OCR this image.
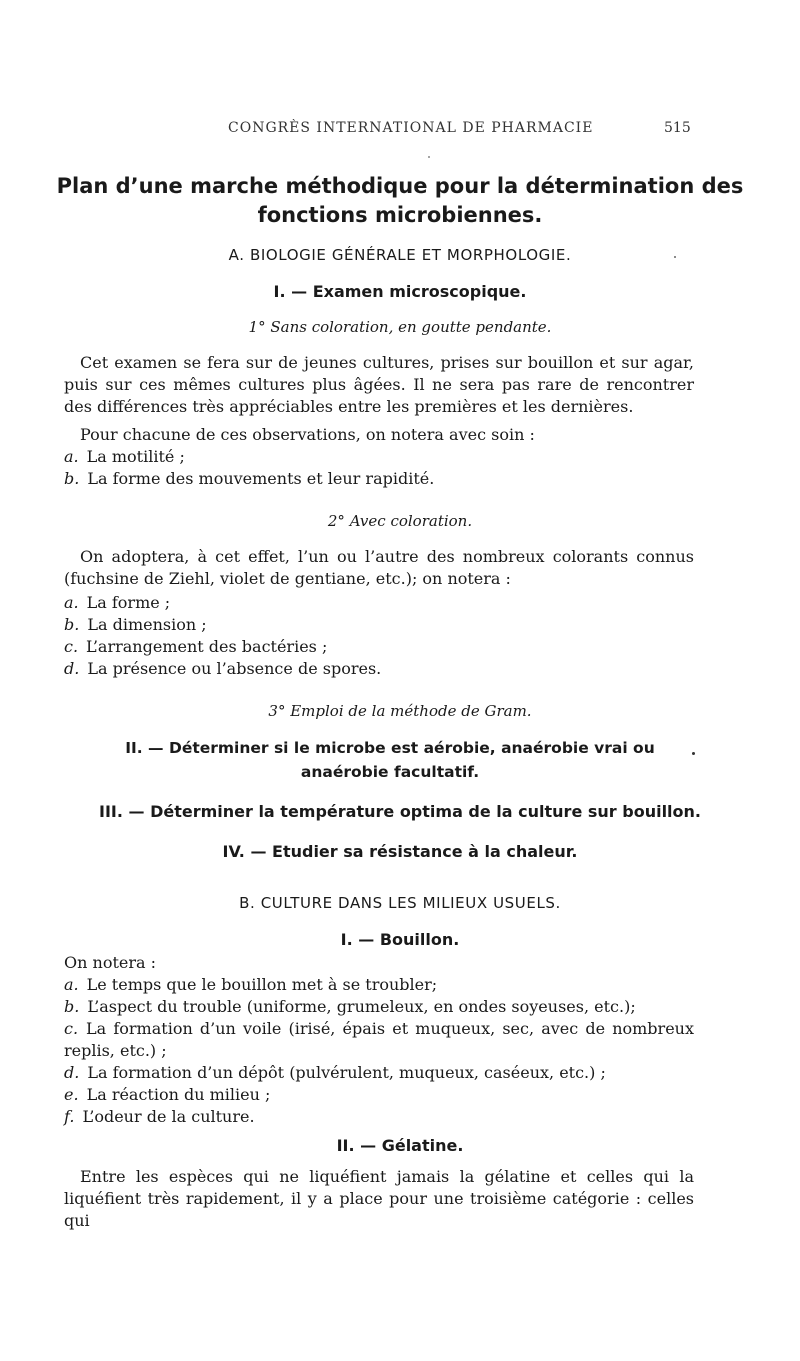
CONGRÈS INTERNATIONAL DE PHARMACIE	515
Plan d’une marche méthodique pour la détermination des fonctions microbiennes.
A. BIOLOGIE GÉNÉRALE ET MORPHOLOGIE.
I. — Examen microscopique.
1° Sans coloration, en goutte pendante.
Cet examen se fera sur de jeunes cultures, prises sur bouillon et sur agar, puis sur ces mêmes cultures plus âgées. Il ne sera pas rare de rencontrer des différences très appréciables entre les premières et les dernières.
Pour chacune de ces observations, on notera avec soin :
a. La motilité ;
b. La forme des mouvements et leur rapidité.
2° Avec coloration.
On adoptera, à cet effet, l’un ou l’autre des nombreux colorants connus (fuchsine de Ziehl, violet de gentiane, etc.); on notera :
a. La forme ;
b. La dimension ;
c. L’arrangement des bactéries ;
d. La présence ou l’absence de spores.
3° Emploi de la méthode de Gram.
II. — Déterminer si le microbe est aérobie, anaérobie vrai ou anaérobie facultatif.
III. — Déterminer la température optima de la culture sur bouillon.
IV. — Etudier sa résistance à la chaleur.
B. CULTURE DANS LES MILIEUX USUELS.
I. — Bouillon.
On notera :
a. Le temps que le bouillon met à se troubler;
b. L’aspect du trouble (uniforme, grumeleux, en ondes soyeuses, etc.);
c. La formation d’un voile (irisé, épais et muqueux, sec, avec de nombreux replis, etc.) ;
d. La formation d’un dépôt (pulvérulent, muqueux, caséeux, etc.) ;
e. La réaction du milieu ;
f. L’odeur de la culture.
II. — Gélatine.
Entre les espèces qui ne liquéfient jamais la gélatine et celles qui la liquéfient très rapidement, il y a place pour une troisième catégorie : celles qui
